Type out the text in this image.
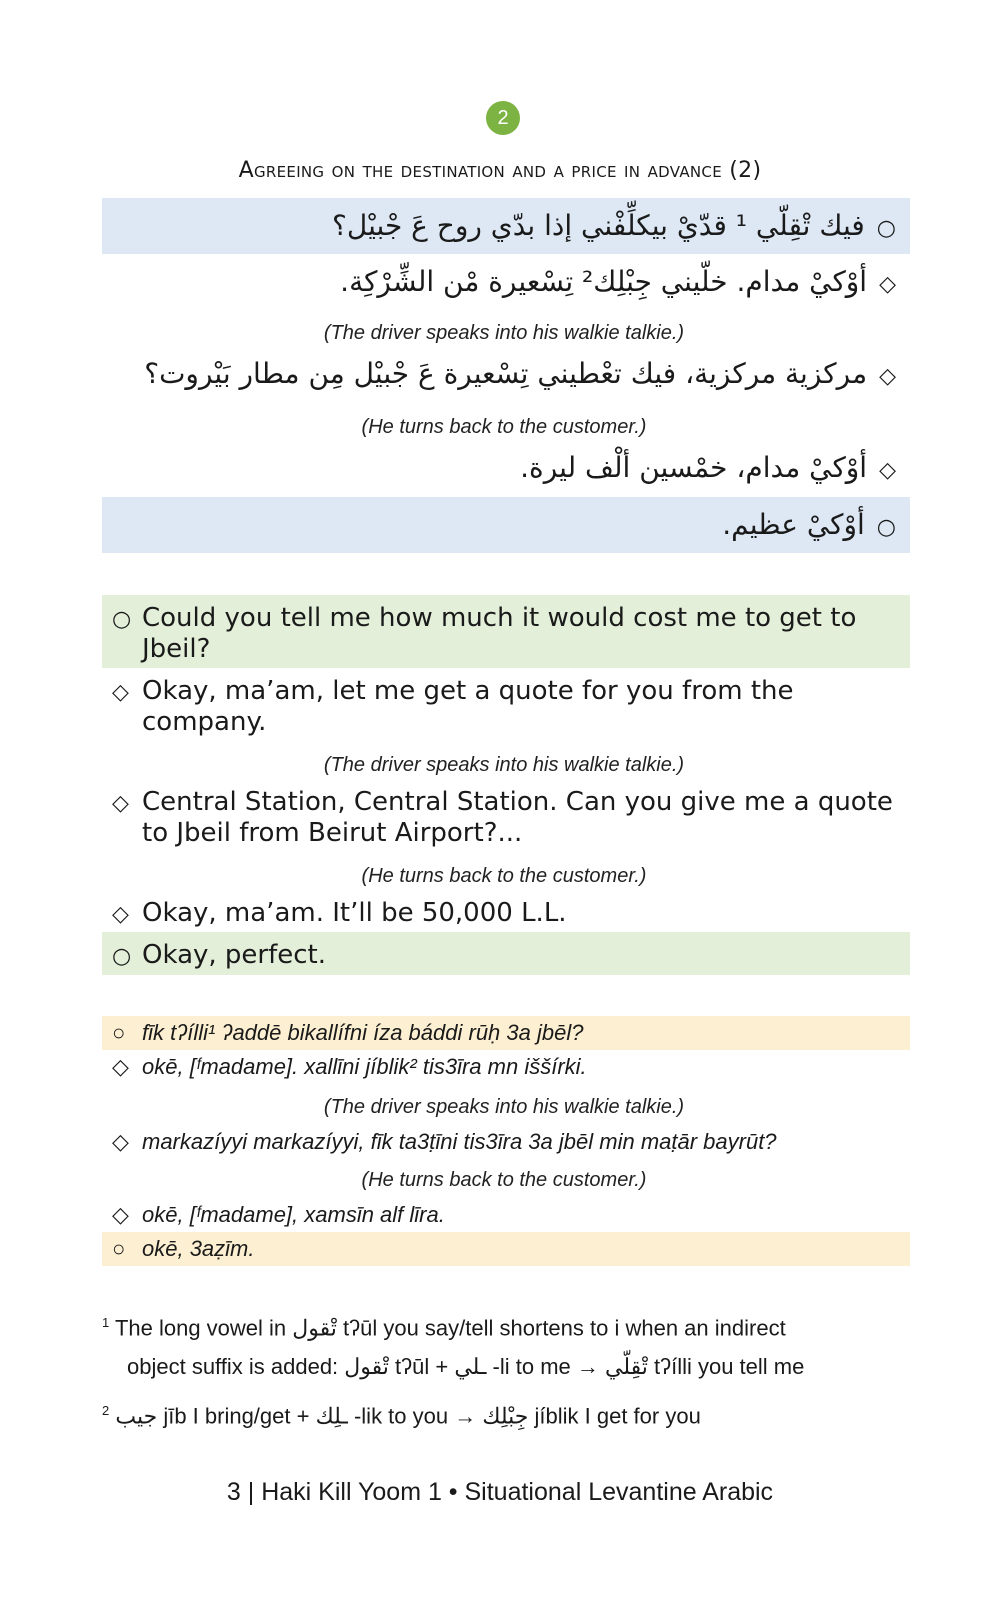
2
Agreeing on the destination and a price in advance (2)
○فيك تْقِلّي ¹ قدّيْ بيكلِّفْني إذا بدّي روح عَ جْبيْل؟
◇أوْكيْ مدام. خلّيني جِبْلِك² تِسْعيرة مْن الشِّرْكِة.
◇مركزية مركزية، فيك تعْطيني تِسْعيرة عَ جْبيْل مِن مطار بَيْروت؟
◇أوْكيْ مدام، خمْسين ألْف ليرة.
○أوْكيْ عظيم.
(The driver speaks into his walkie talkie.)
(He turns back to the customer.)
○ Could you tell me how much it would cost me to get to Jbeil?
◇ Okay, ma’am, let me get a quote for you from the company.
◇ Central Station, Central Station. Can you give me a quote to Jbeil from Beirut Airport?...
◇ Okay, ma’am. It’ll be 50,000 L.L.
○ Okay, perfect.
(The driver speaks into his walkie talkie.)
(He turns back to the customer.)
○ fīk tʔílli¹ ʔaddē bikallífni íza báddi rūḥ 3a jbēl?
◇ okē, [ᶠmadame]. xallīni jíblik² tis3īra mn iššírki.
◇ markazíyyi markazíyyi, fīk ta3ṭīni tis3īra 3a jbēl min maṭār bayrūt?
◇ okē, [ᶠmadame], xamsīn alf līra.
○ okē, 3aẓīm.
(The driver speaks into his walkie talkie.)
(He turns back to the customer.)
$^1$ The long vowel in تْقول tʔūl you say/tell shortens to i when an indirect
object suffix is added: تْقول tʔūl + ـلي -li to me → تْقِلّي tʔílli you tell me
$^2$ جيب jīb I bring/get + ـلِك -lik to you → جِبْلِك jíblik I get for you
3 | Haki Kill Yoom 1 • Situational Levantine Arabic
